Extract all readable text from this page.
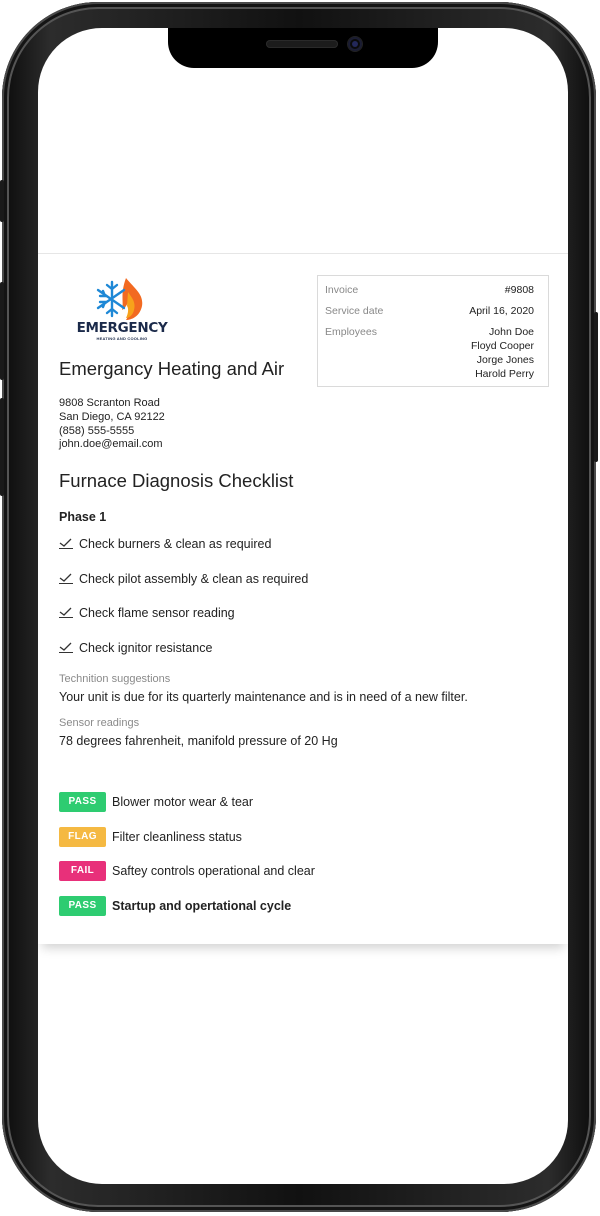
EMERGENCY
HEATING AND COOLING
Emergancy Heating and Air
9808 Scranton Road
San Diego, CA 92122
(858) 555-5555
john.doe@email.com
Invoice	#9808
Service date	April 16, 2020
Employees	John Doe
Floyd Cooper
Jorge Jones
Harold Perry
Furnace Diagnosis Checklist
Phase 1
Check burners & clean as required
Check pilot assembly & clean as required
Check flame sensor reading
Check ignitor resistance
Technition suggestions
Your unit is due for its quarterly maintenance and is in need of a new filter.
Sensor readings
78 degrees fahrenheit, manifold pressure of 20 Hg
PASS Blower motor wear & tear
FLAG Filter cleanliness status
FAIL Saftey controls operational and clear
PASS Startup and opertational cycle
